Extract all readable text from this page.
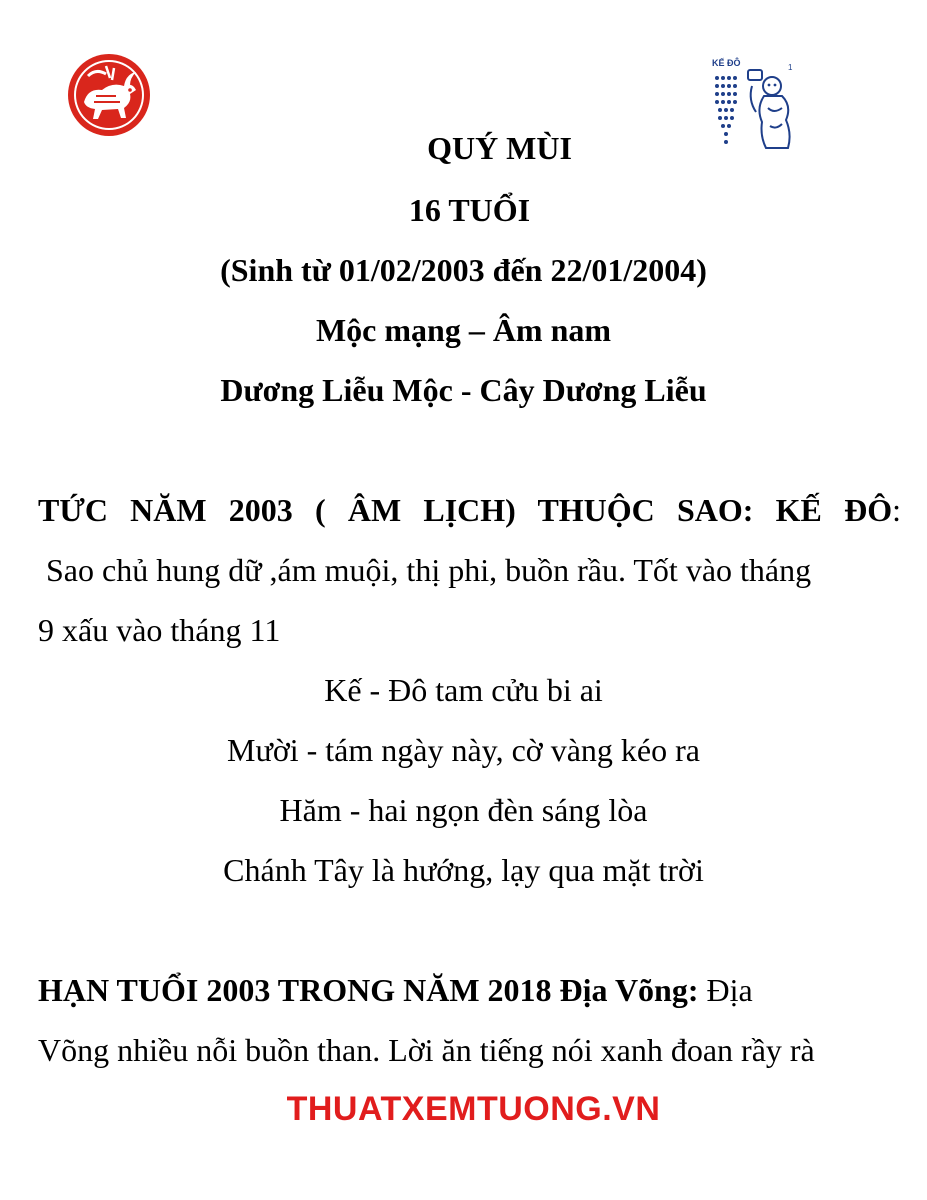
KẾ ĐÔ	1
QUÝ MÙI
16 TUỔI
(Sinh từ 01/02/2003 đến 22/01/2004)
Mộc mạng – Âm nam
Dương Liễu Mộc - Cây Dương Liễu
TỨC NĂM 2003 ( ÂM LỊCH) THUỘC SAO: KẾ ĐÔ:
Sao chủ hung dữ ,ám muội, thị phi, buồn rầu. Tốt vào tháng
9 xấu vào tháng 11
Kế - Đô tam cửu bi ai
Mười - tám ngày này, cờ vàng kéo ra
Hăm - hai ngọn đèn sáng lòa
Chánh Tây là hướng, lạy qua mặt trời
HẠN TUỔI 2003 TRONG NĂM 2018 Địa Võng: Địa
Võng nhiều nỗi buồn than. Lời ăn tiếng nói xanh đoan rầy rà
THUATXEMTUONG.VN
